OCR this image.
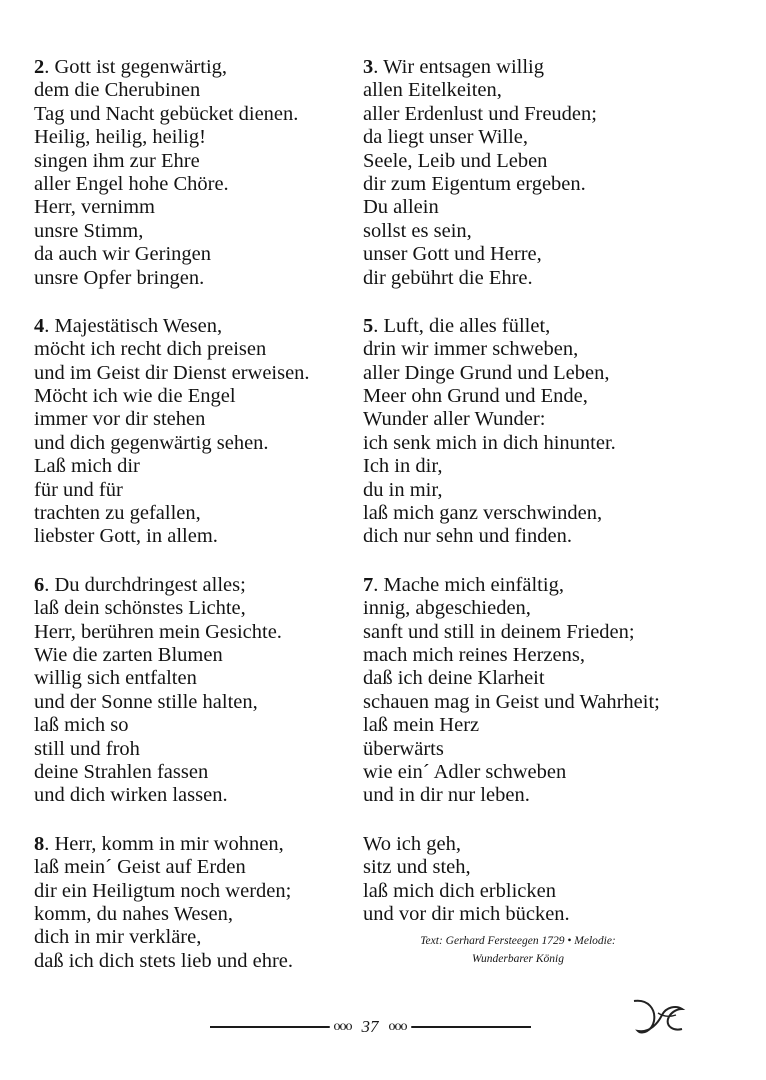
2. Gott ist gegenwärtig,
dem die Cherubinen
Tag und Nacht gebücket dienen.
Heilig, heilig, heilig!
singen ihm zur Ehre
aller Engel hohe Chöre.
Herr, vernimm
unsre Stimm,
da auch wir Geringen
unsre Opfer bringen.
4. Majestätisch Wesen,
möcht ich recht dich preisen
und im Geist dir Dienst erweisen.
Möcht ich wie die Engel
immer vor dir stehen
und dich gegenwärtig sehen.
Laß mich dir
für und für
trachten zu gefallen,
liebster Gott, in allem.
6. Du durchdringest alles;
laß dein schönstes Lichte,
Herr, berühren mein Gesichte.
Wie die zarten Blumen
willig sich entfalten
und der Sonne stille halten,
laß mich so
still und froh
deine Strahlen fassen
und dich wirken lassen.
8. Herr, komm in mir wohnen,
laß mein´ Geist auf Erden
dir ein Heiligtum noch werden;
komm, du nahes Wesen,
dich in mir verkläre,
daß ich dich stets lieb und ehre.
3. Wir entsagen willig
allen Eitelkeiten,
aller Erdenlust und Freuden;
da liegt unser Wille,
Seele, Leib und Leben
dir zum Eigentum ergeben.
Du allein
sollst es sein,
unser Gott und Herre,
dir gebührt die Ehre.
5. Luft, die alles füllet,
drin wir immer schweben,
aller Dinge Grund und Leben,
Meer ohn Grund und Ende,
Wunder aller Wunder:
ich senk mich in dich hinunter.
Ich in dir,
du in mir,
laß mich ganz verschwinden,
dich nur sehn und finden.
7. Mache mich einfältig,
innig, abgeschieden,
sanft und still in deinem Frieden;
mach mich reines Herzens,
daß ich deine Klarheit
schauen mag in Geist und Wahrheit;
laß mein Herz
überwärts
wie ein´ Adler schweben
und in dir nur leben.
Wo ich geh,
sitz und steh,
laß mich dich erblicken
und vor dir mich bücken.
Text: Gerhard Fersteegen 1729 • Melodie:
Wunderbarer König
ooo 37 ooo
